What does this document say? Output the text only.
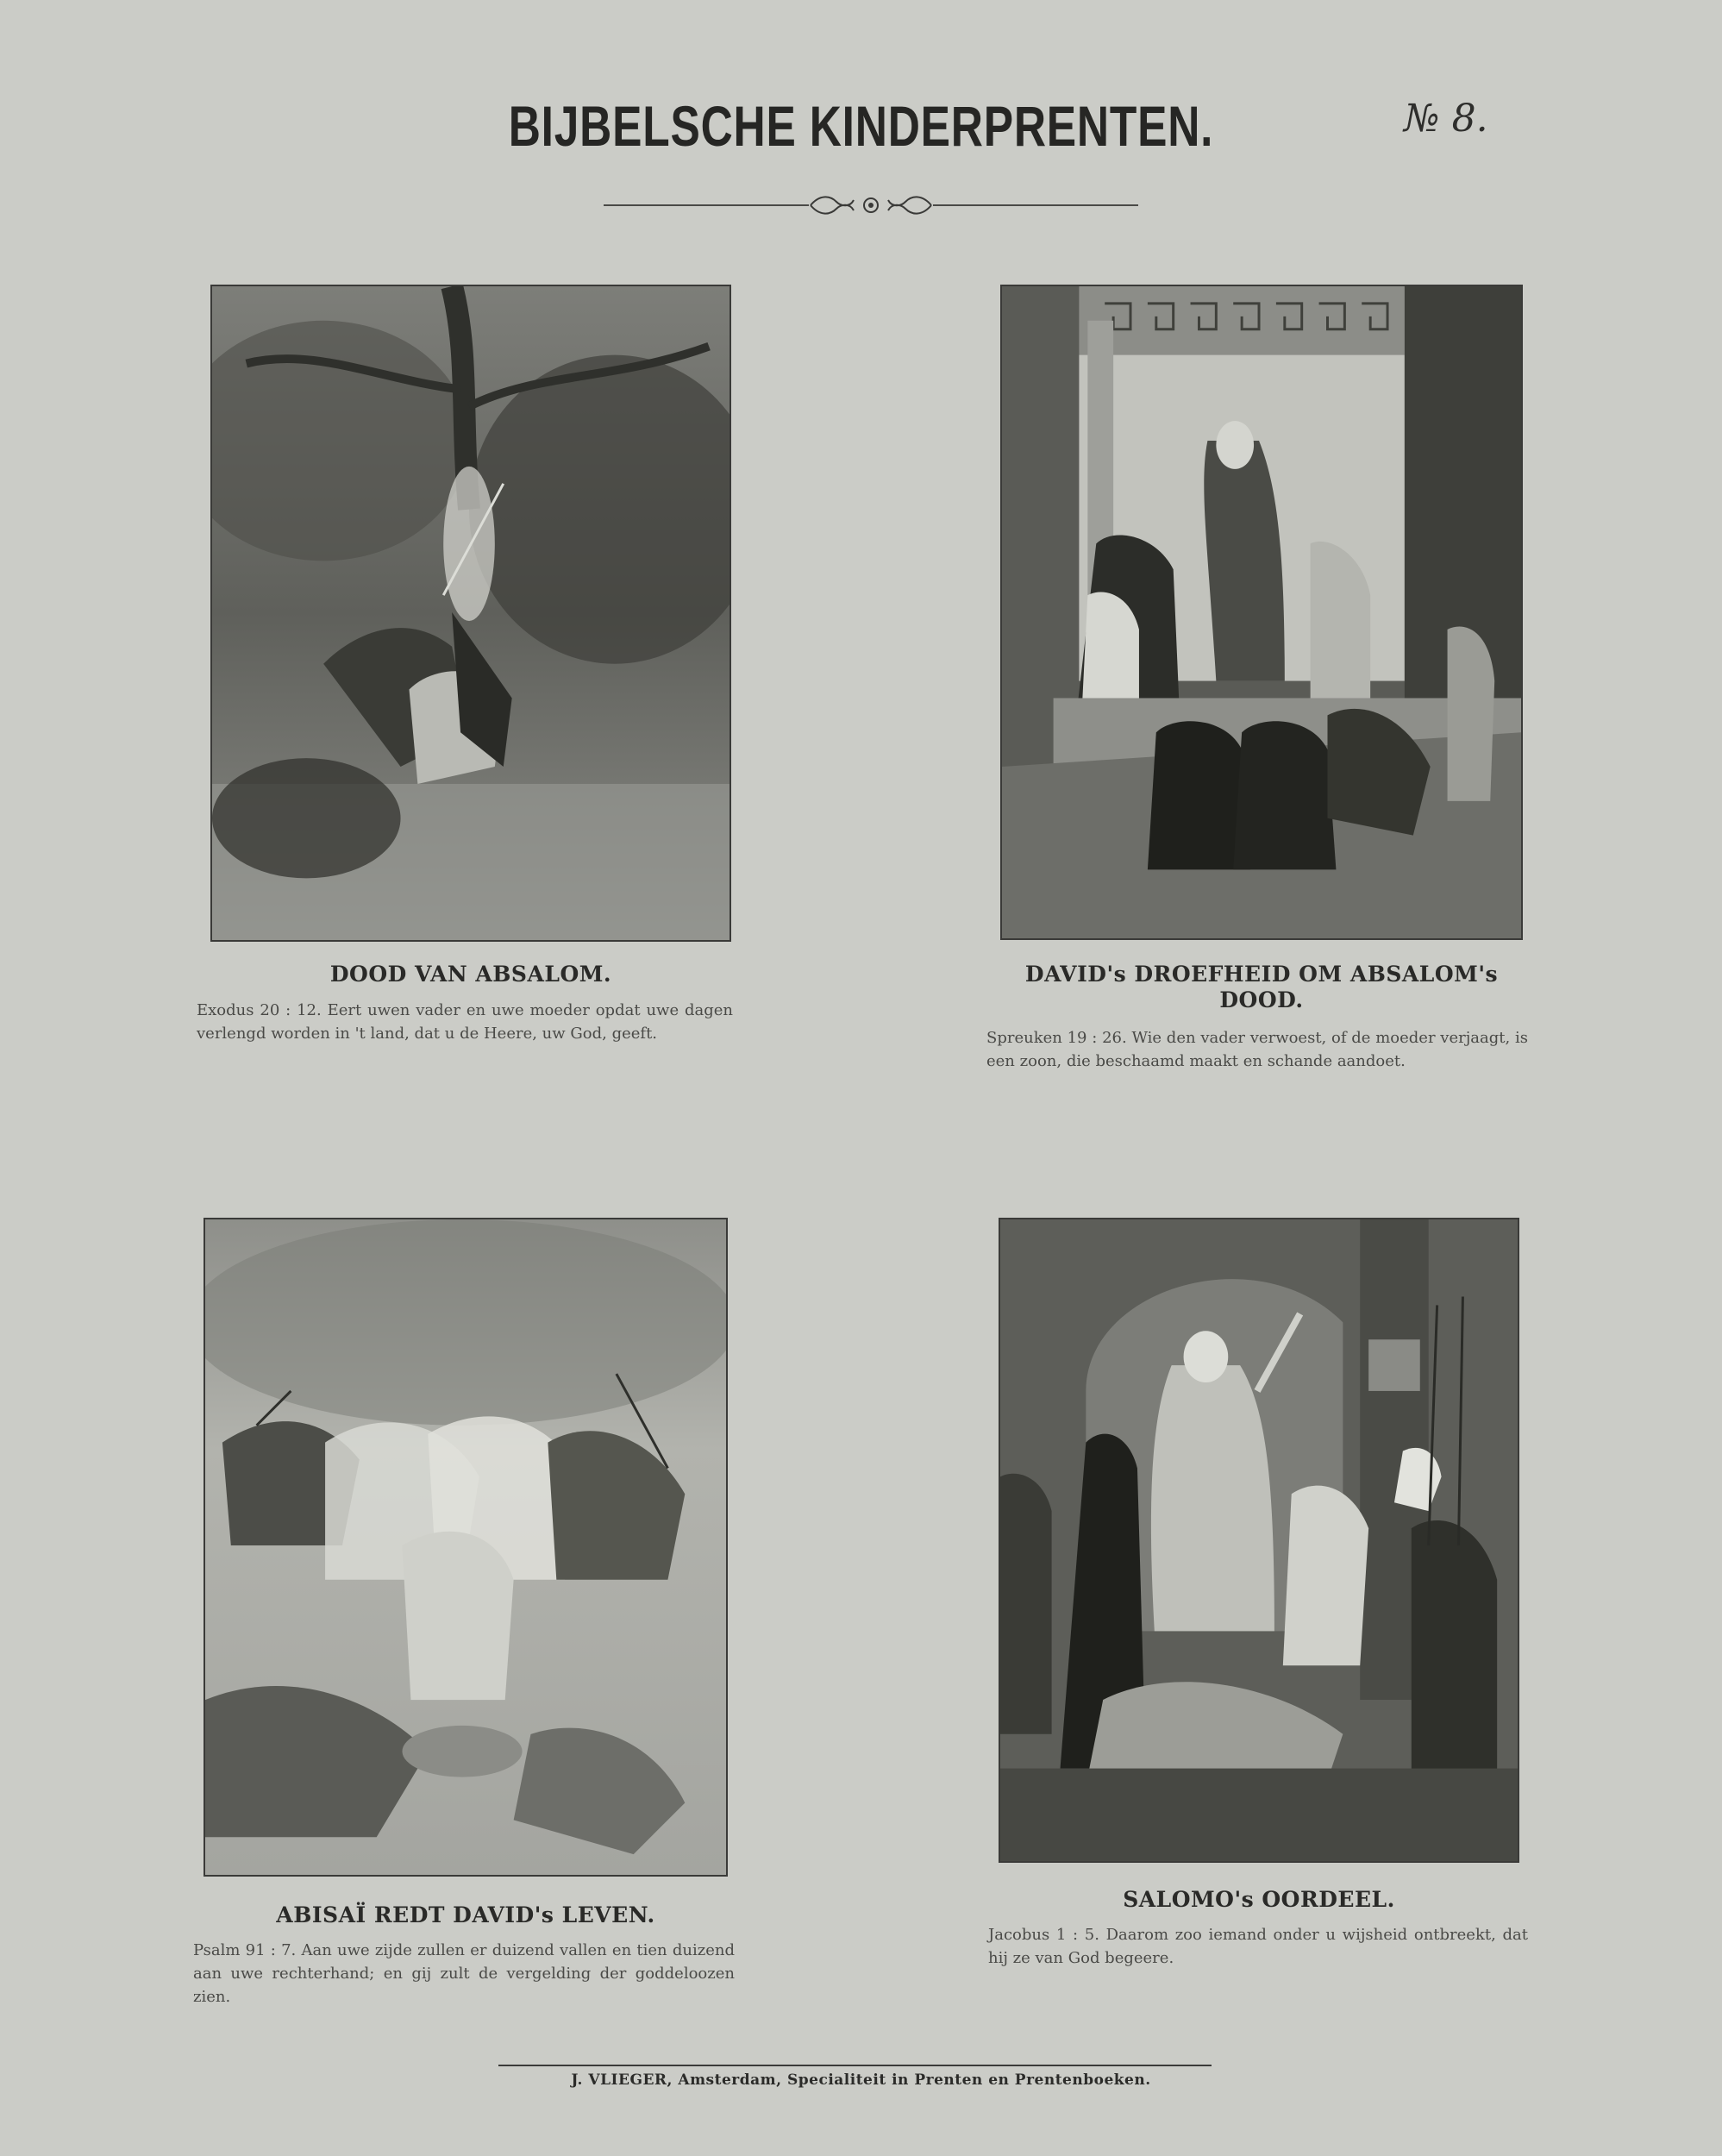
BIJBELSCHE KINDERPRENTEN.	№ 8.
DOOD VAN ABSALOM.
Exodus 20 : 12. Eert uwen vader en uwe moeder opdat uwe dagen verlengd worden in 't land, dat u de Heere, uw God, geeft.
DAVID's DROEFHEID OM ABSALOM's DOOD.
Spreuken 19 : 26. Wie den vader verwoest, of de moeder verjaagt, is een zoon, die beschaamd maakt en schande aandoet.
ABISAÏ REDT DAVID's LEVEN.
Psalm 91 : 7. Aan uwe zijde zullen er duizend vallen en tien duizend aan uwe rechterhand; en gij zult de vergelding der goddeloozen zien.
SALOMO's OORDEEL.
Jacobus 1 : 5. Daarom zoo iemand onder u wijsheid ontbreekt, dat hij ze van God begeere.
J. VLIEGER, Amsterdam, Specialiteit in Prenten en Prentenboeken.
